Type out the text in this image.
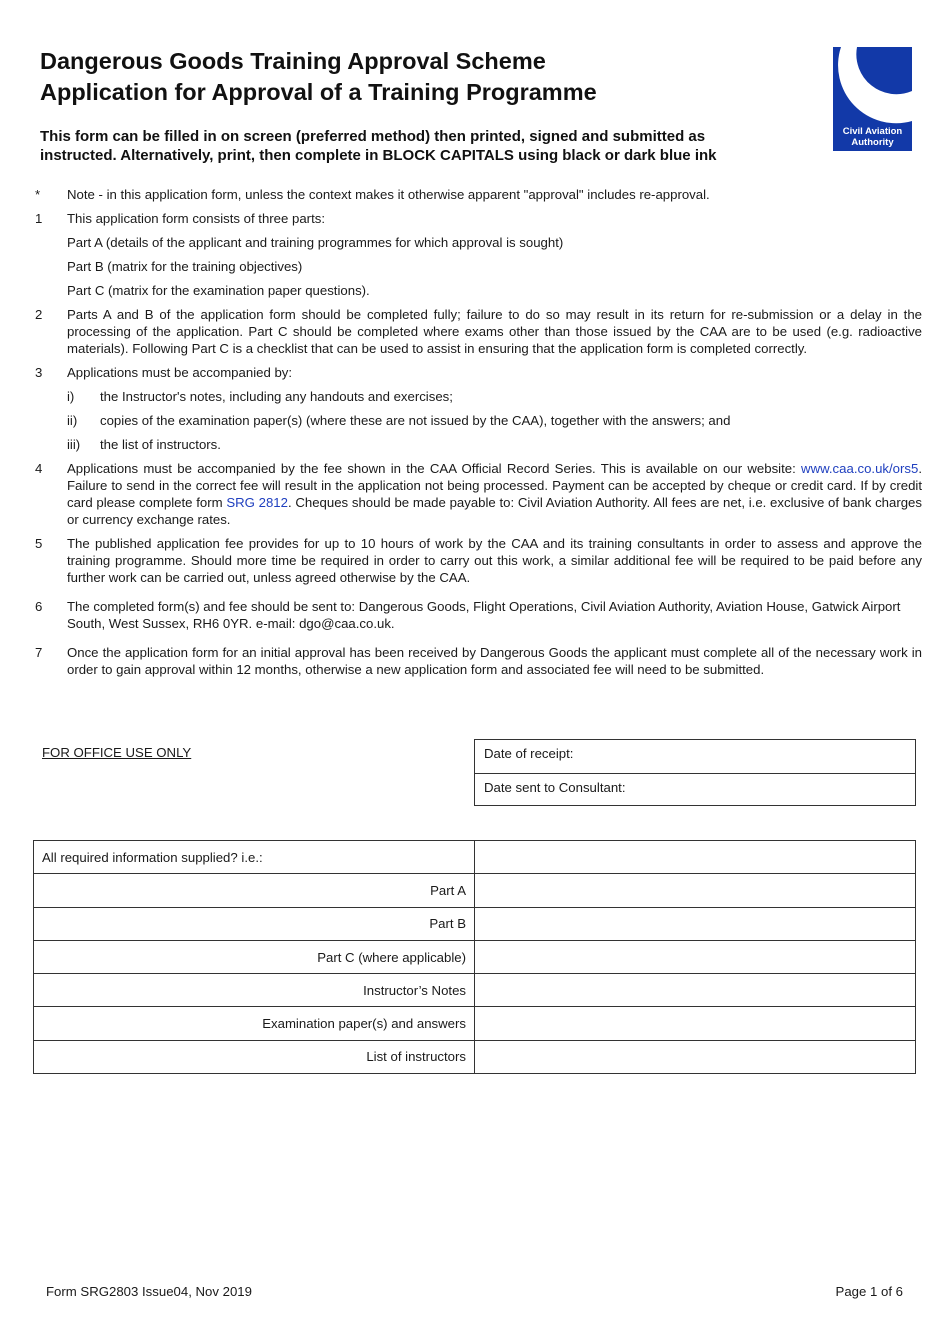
Dangerous Goods Training Approval Scheme
Application for Approval of a Training Programme
Civil Aviation
Authority

This form can be filled in on screen (preferred method) then printed, signed and submitted as
instructed. Alternatively, print, then complete in BLOCK CAPITALS using black or dark blue ink

*	Note - in this application form, unless the context makes it otherwise apparent "approval" includes re-approval.
1	This application form consists of three parts:
Part A (details of the applicant and training programmes for which approval is sought)
Part B (matrix for the training objectives)
Part C (matrix for the examination paper questions).
2	Parts A and B of the application form should be completed fully; failure to do so may result in its return for re-submission or a delay in the processing of the application. Part C should be completed where exams other than those issued by the CAA are to be used (e.g. radioactive materials). Following Part C is a checklist that can be used to assist in ensuring that the application form is completed correctly.
3	Applications must be accompanied by:
i)	the Instructor's notes, including any handouts and exercises;
ii)	copies of the examination paper(s) (where these are not issued by the CAA), together with the answers; and
iii)	the list of instructors.
4	Applications must be accompanied by the fee shown in the CAA Official Record Series. This is available on our website: www.caa.co.uk/ors5. Failure to send in the correct fee will result in the application not being processed. Payment can be accepted by cheque or credit card. If by credit card please complete form SRG 2812. Cheques should be made payable to: Civil Aviation Authority. All fees are net, i.e. exclusive of bank charges or currency exchange rates.
5	The published application fee provides for up to 10 hours of work by the CAA and its training consultants in order to assess and approve the training programme. Should more time be required in order to carry out this work, a similar additional fee will be required to be paid before any further work can be carried out, unless agreed otherwise by the CAA.
6	The completed form(s) and fee should be sent to: Dangerous Goods, Flight Operations, Civil Aviation Authority, Aviation House, Gatwick Airport South, West Sussex, RH6 0YR. e-mail: dgo@caa.co.uk.
7	Once the application form for an initial approval has been received by Dangerous Goods the applicant must complete all of the necessary work in order to gain approval within 12 months, otherwise a new application form and associated fee will need to be submitted.
FOR OFFICE USE ONLY	Date of receipt:
Date sent to Consultant:
All required information supplied? i.e.:	
Part A	
Part B	
Part C (where applicable)	
Instructor’s Notes	
Examination paper(s) and answers	
List of instructors	
Form SRG2803 Issue04, Nov 2019	Page 1 of 6
